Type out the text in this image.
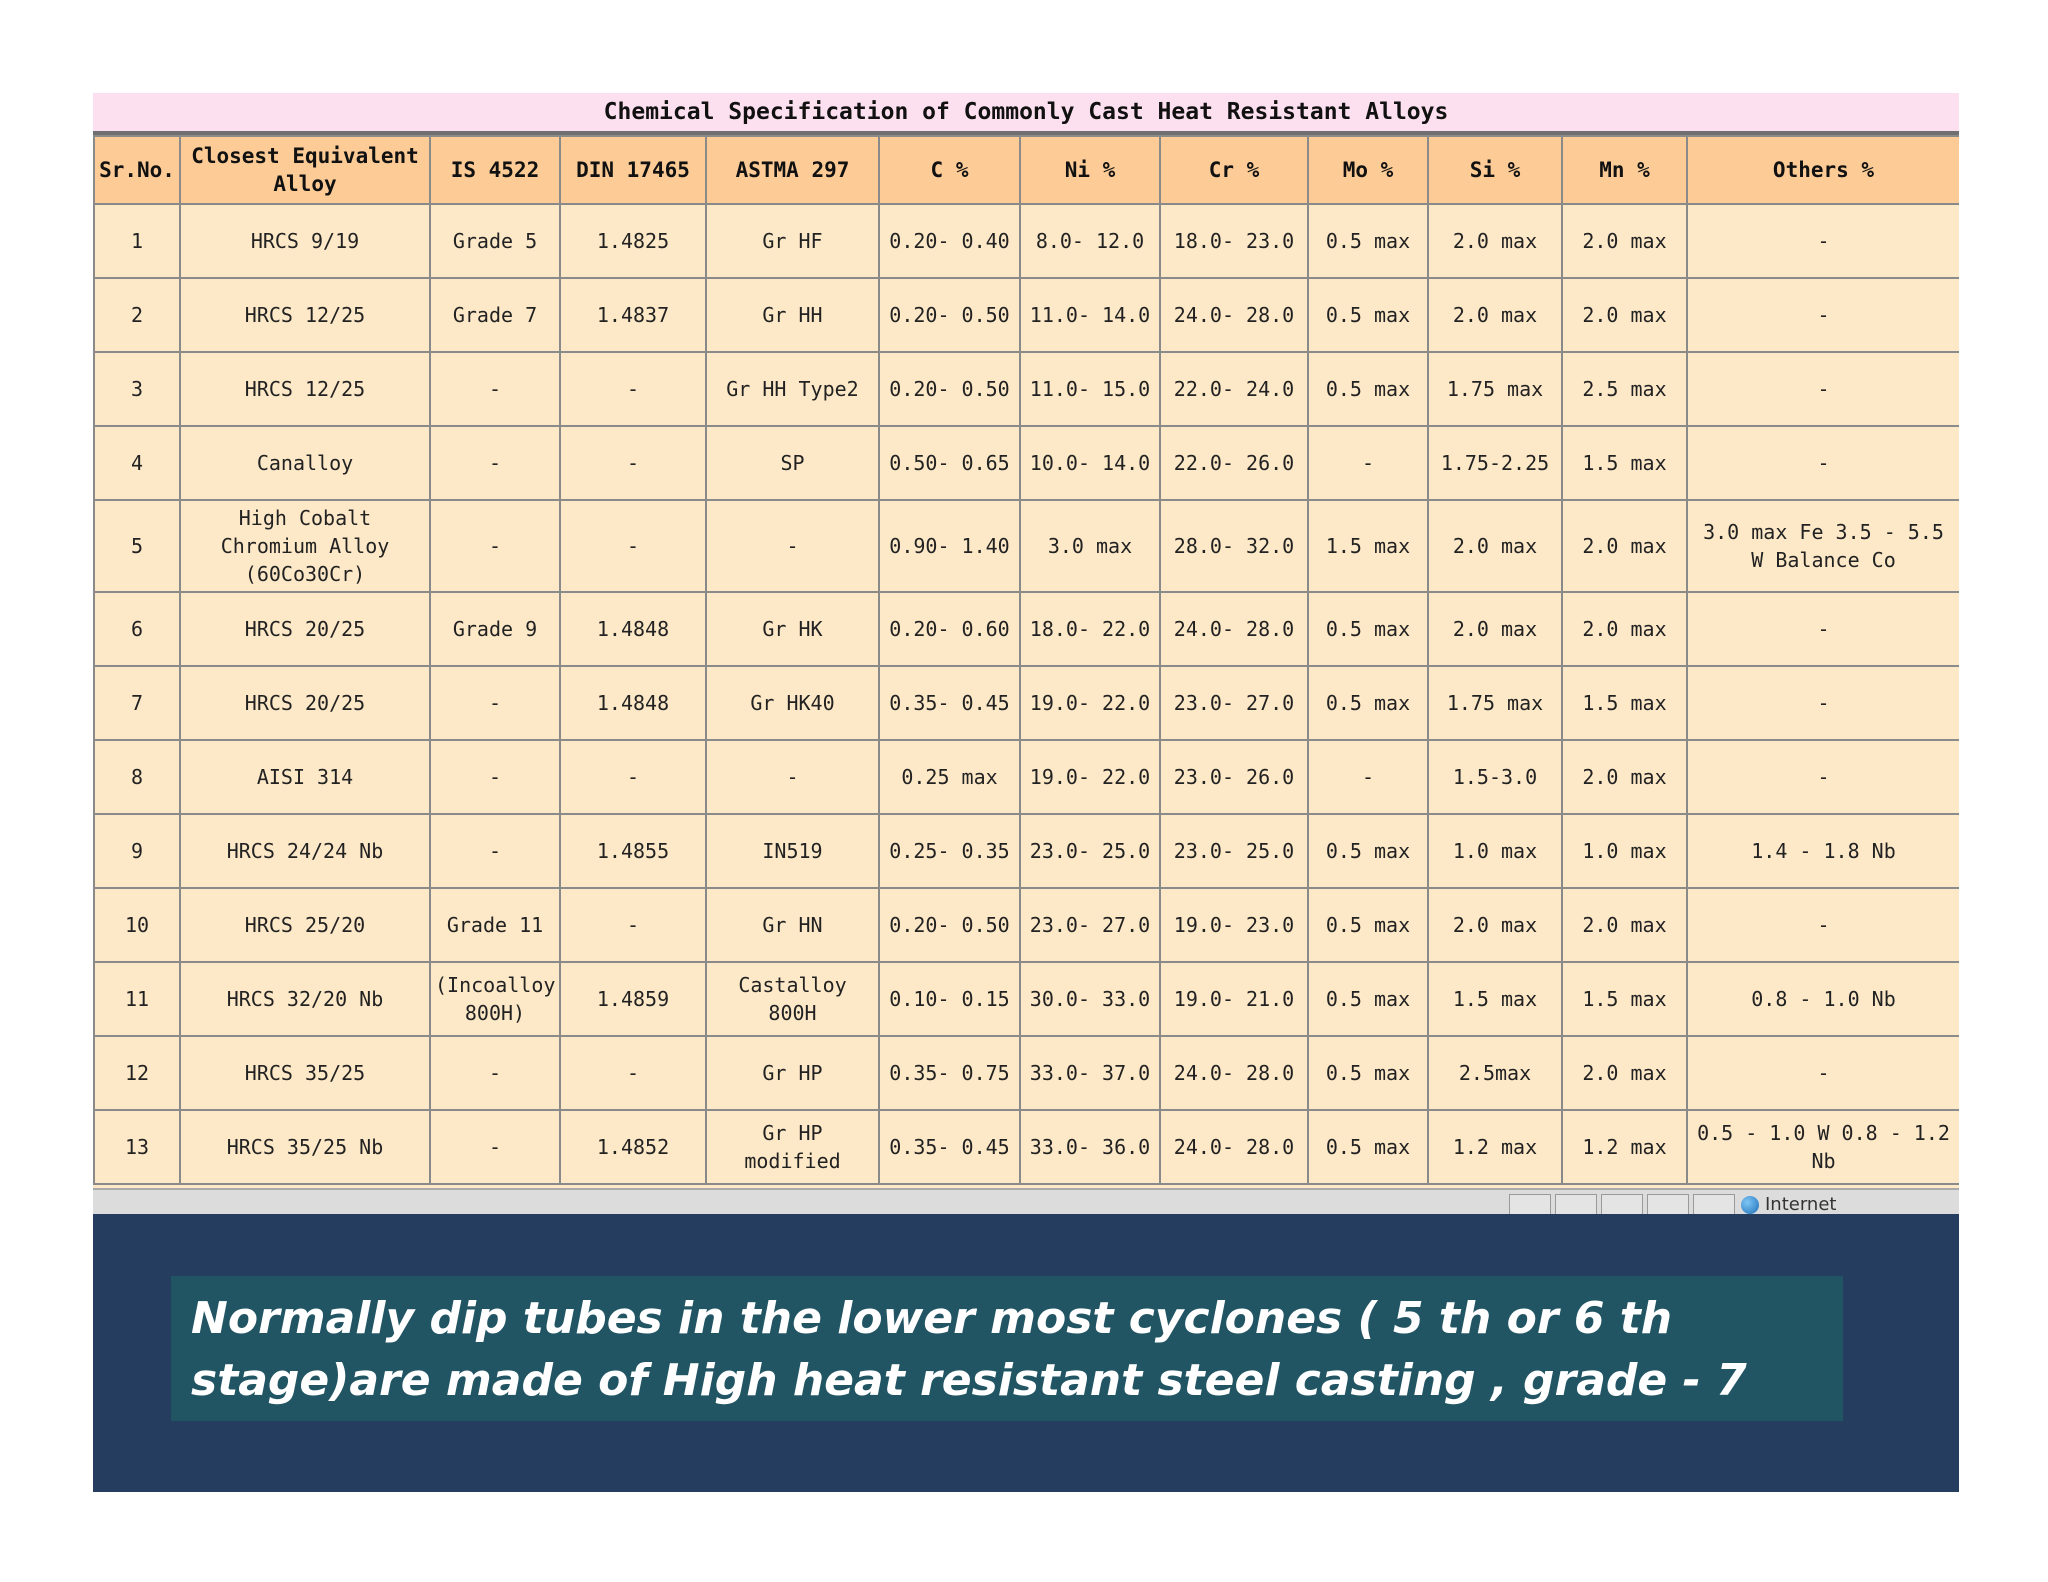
Chemical Specification of Commonly Cast Heat Resistant Alloys
Sr.No.	Closest Equivalent Alloy	IS 4522	DIN 17465	ASTMA 297	C %	Ni %	Cr %	Mo %	Si %	Mn %	Others %
1	HRCS 9/19	Grade 5	1.4825	Gr HF	0.20- 0.40	8.0- 12.0	18.0- 23.0	0.5 max	2.0 max	2.0 max	-
2	HRCS 12/25	Grade 7	1.4837	Gr HH	0.20- 0.50	11.0- 14.0	24.0- 28.0	0.5 max	2.0 max	2.0 max	-
3	HRCS 12/25	-	-	Gr HH Type2	0.20- 0.50	11.0- 15.0	22.0- 24.0	0.5 max	1.75 max	2.5 max	-
4	Canalloy	-	-	SP	0.50- 0.65	10.0- 14.0	22.0- 26.0	-	1.75-2.25	1.5 max	-
5	High Cobalt Chromium Alloy (60Co30Cr)	-	-	-	0.90- 1.40	3.0 max	28.0- 32.0	1.5 max	2.0 max	2.0 max	3.0 max Fe 3.5 - 5.5 W Balance Co
6	HRCS 20/25	Grade 9	1.4848	Gr HK	0.20- 0.60	18.0- 22.0	24.0- 28.0	0.5 max	2.0 max	2.0 max	-
7	HRCS 20/25	-	1.4848	Gr HK40	0.35- 0.45	19.0- 22.0	23.0- 27.0	0.5 max	1.75 max	1.5 max	-
8	AISI 314	-	-	-	0.25 max	19.0- 22.0	23.0- 26.0	-	1.5-3.0	2.0 max	-
9	HRCS 24/24 Nb	-	1.4855	IN519	0.25- 0.35	23.0- 25.0	23.0- 25.0	0.5 max	1.0 max	1.0 max	1.4 - 1.8 Nb
10	HRCS 25/20	Grade 11	-	Gr HN	0.20- 0.50	23.0- 27.0	19.0- 23.0	0.5 max	2.0 max	2.0 max	-
11	HRCS 32/20 Nb	(Incoalloy 800H)	1.4859	Castalloy 800H	0.10- 0.15	30.0- 33.0	19.0- 21.0	0.5 max	1.5 max	1.5 max	0.8 - 1.0 Nb
12	HRCS 35/25	-	-	Gr HP	0.35- 0.75	33.0- 37.0	24.0- 28.0	0.5 max	2.5max	2.0 max	-
13	HRCS 35/25 Nb	-	1.4852	Gr HP modified	0.35- 0.45	33.0- 36.0	24.0- 28.0	0.5 max	1.2 max	1.2 max	0.5 - 1.0 W 0.8 - 1.2 Nb
Internet
Normally dip tubes in the lower most cyclones ( 5 th or 6 th stage)are made of High heat resistant steel casting , grade - 7
